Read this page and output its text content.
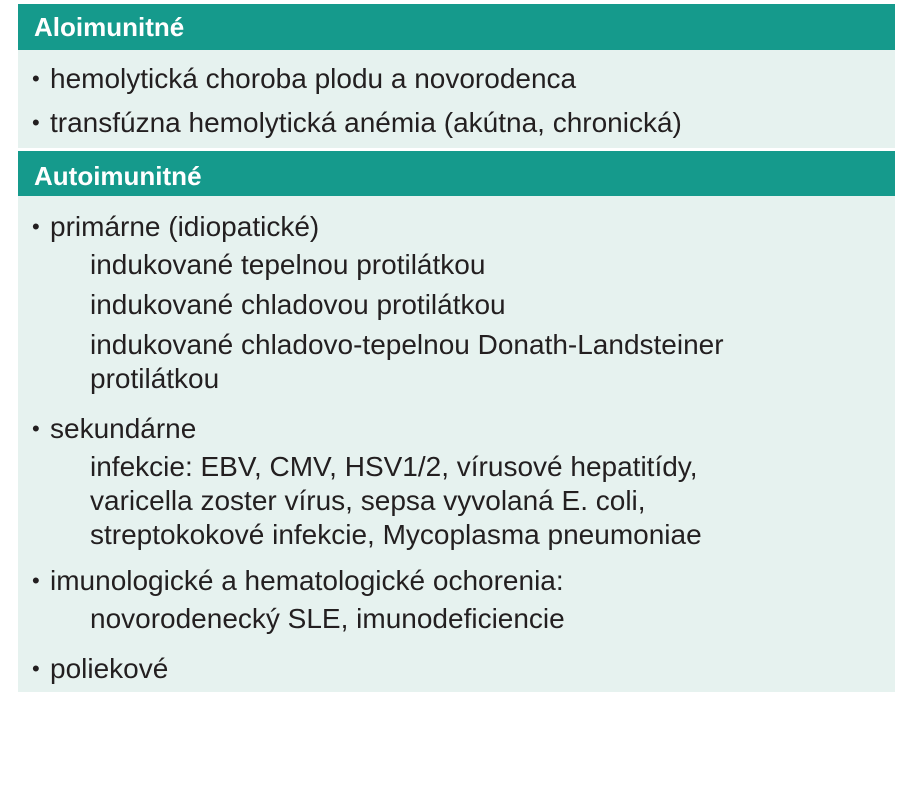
Aloimunitné
• hemolytická choroba plodu a novorodenca
• transfúzna hemolytická anémia (akútna, chronická)
Autoimunitné
• primárne (idiopatické)
indukované tepelnou protilátkou
indukované chladovou protilátkou
indukované chladovo-tepelnou Donath-Landsteiner
protilátkou
• sekundárne
infekcie: EBV, CMV, HSV1/2, vírusové hepatitídy,
varicella zoster vírus, sepsa vyvolaná E. coli,
streptokokové infekcie, Mycoplasma pneumoniae
• imunologické a hematologické ochorenia:
novorodenecký SLE, imunodeficiencie
• poliekové
